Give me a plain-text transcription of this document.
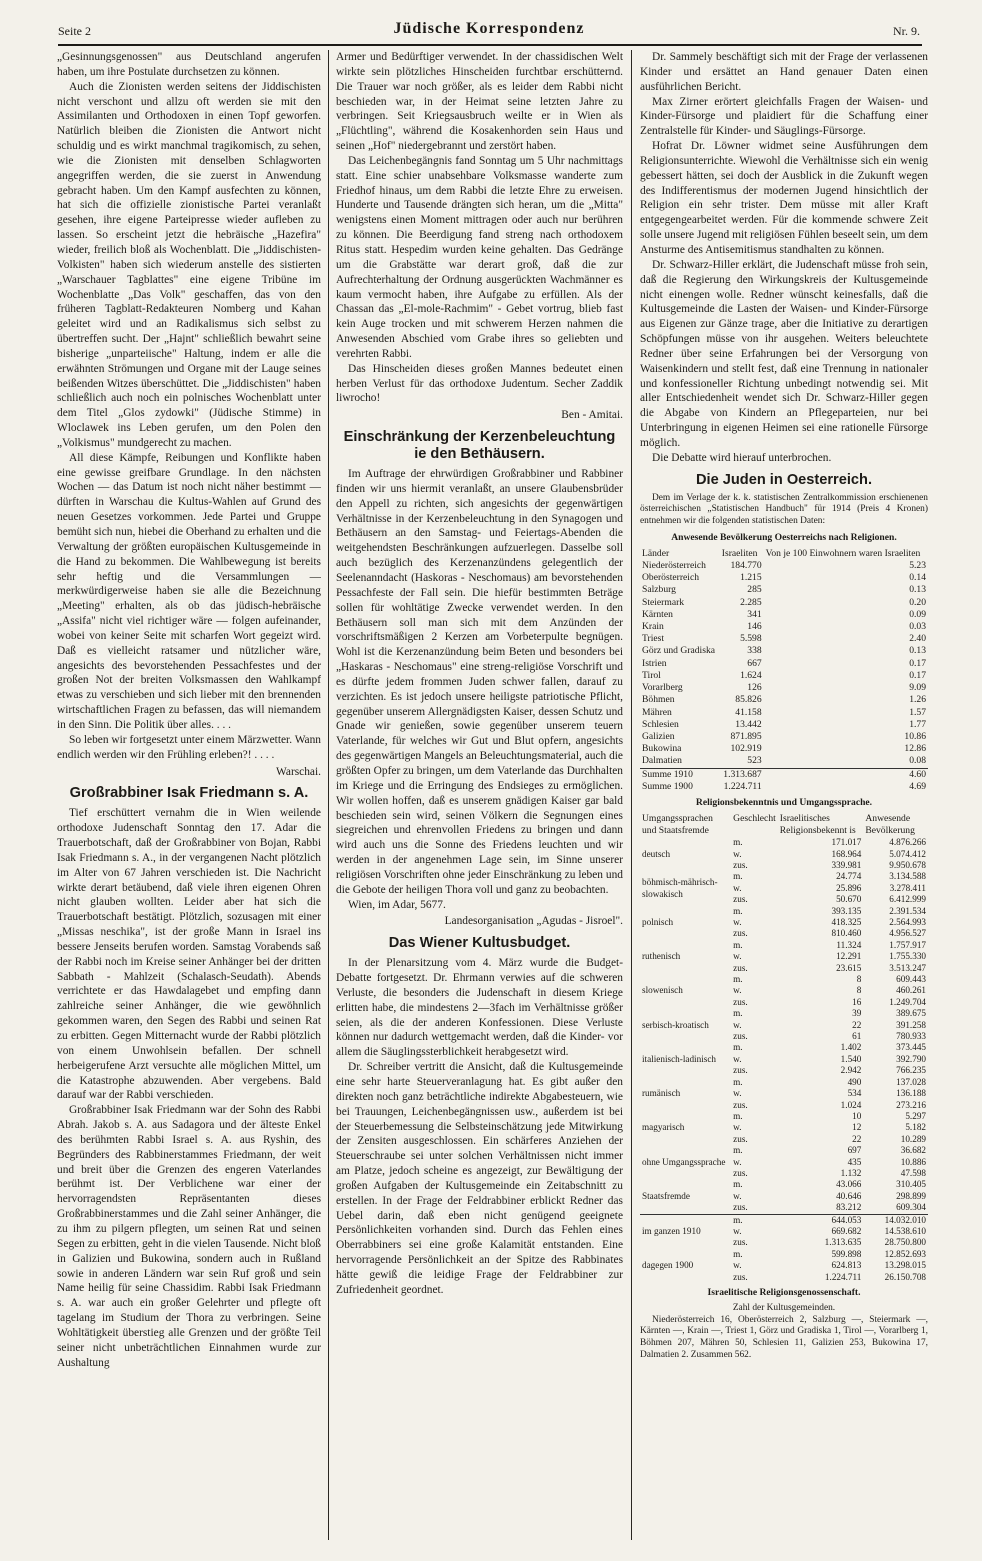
Seite 2	Jüdische Korrespondenz	Nr. 9.

„Gesinnungsgenossen" aus Deutschland angerufen haben, um ihre Postulate durchsetzen zu können.

Auch die Zionisten werden seitens der Jiddischisten nicht verschont und allzu oft werden sie mit den Assimilanten und Orthodoxen in einen Topf geworfen. Natürlich bleiben die Zionisten die Antwort nicht schuldig und es wirkt manchmal tragikomisch, zu sehen, wie die Zionisten mit denselben Schlagworten angegriffen werden, die sie zuerst in Anwendung gebracht haben. Um den Kampf ausfechten zu können, hat sich die offizielle zionistische Partei veranlaßt gesehen, ihre eigene Parteipresse wieder aufleben zu lassen. So erscheint jetzt die hebräische „Hazefira" wieder, freilich bloß als Wochenblatt. Die „Jiddischisten-Volkisten" haben sich wiederum anstelle des sistierten „Warschauer Tagblattes" eine eigene Tribüne im Wochenblatte „Das Volk" geschaffen, das von den früheren Tagblatt-Redakteuren Nomberg und Kahan geleitet wird und an Radikalismus sich selbst zu übertreffen sucht. Der „Hajnt" schließlich bewahrt seine bisherige „unparteiische" Haltung, indem er alle die erwähnten Strömungen und Organe mit der Lauge seines beißenden Witzes überschüttet. Die „Jiddischisten" haben schließlich auch noch ein polnisches Wochenblatt unter dem Titel „Glos zydowki" (Jüdische Stimme) in Wloclawek ins Leben gerufen, um den Polen den „Volkismus" mundgerecht zu machen.

All diese Kämpfe, Reibungen und Konflikte haben eine gewisse greifbare Grundlage. In den nächsten Wochen — das Datum ist noch nicht näher bestimmt — dürften in Warschau die Kultus-Wahlen auf Grund des neuen Gesetzes vorkommen. Jede Partei und Gruppe bemüht sich nun, hiebei die Oberhand zu erhalten und die Verwaltung der größten europäischen Kultusgemeinde in die Hand zu bekommen. Die Wahlbewegung ist bereits sehr heftig und die Versammlungen — merkwürdigerweise haben sie alle die Bezeichnung „Meeting" erhalten, als ob das jüdisch-hebräische „Assifa" nicht viel richtiger wäre — folgen aufeinander, wobei von keiner Seite mit scharfen Wort gegeizt wird. Daß es vielleicht ratsamer und nützlicher wäre, angesichts des bevorstehenden Pessachfestes und der großen Not der breiten Volksmassen den Wahlkampf etwas zu verschieben und sich lieber mit den brennenden wirtschaftlichen Fragen zu befassen, das will niemandem in den Sinn. Die Politik über alles. . . .

So leben wir fortgesetzt unter einem Märzwetter. Wann endlich werden wir den Frühling erleben?! . . . .

Warschai.

Großrabbiner Isak Friedmann s. A.

Tief erschüttert vernahm die in Wien weilende orthodoxe Judenschaft Sonntag den 17. Adar die Trauerbotschaft, daß der Großrabbiner von Bojan, Rabbi Isak Friedmann s. A., in der vergangenen Nacht plötzlich im Alter von 67 Jahren verschieden ist. Die Nachricht wirkte derart betäubend, daß viele ihren eigenen Ohren nicht glauben wollten. Leider aber hat sich die Trauerbotschaft bestätigt. Plötzlich, sozusagen mit einer „Missas neschika", ist der große Mann in Israel ins bessere Jenseits berufen worden. Samstag Vorabends saß der Rabbi noch im Kreise seiner Anhänger bei der dritten Sabbath - Mahlzeit (Schalasch-Seudath). Abends verrichtete er das Hawdalagebet und empfing dann zahlreiche seiner Anhänger, die wie gewöhnlich gekommen waren, den Segen des Rabbi und seinen Rat zu erbitten. Gegen Mitternacht wurde der Rabbi plötzlich von einem Unwohlsein befallen. Der schnell herbeigerufene Arzt versuchte alle möglichen Mittel, um die Katastrophe abzuwenden. Aber vergebens. Bald darauf war der Rabbi verschieden.

Großrabbiner Isak Friedmann war der Sohn des Rabbi Abrah. Jakob s. A. aus Sadagora und der älteste Enkel des berühmten Rabbi Israel s. A. aus Ryshin, des Begründers des Rabbinerstammes Friedmann, der weit und breit über die Grenzen des engeren Vaterlandes berühmt ist. Der Verblichene war einer der hervorragendsten Repräsentanten dieses Großrabbinerstammes und die Zahl seiner Anhänger, die zu ihm zu pilgern pflegten, um seinen Rat und seinen Segen zu erbitten, geht in die vielen Tausende. Nicht bloß in Galizien und Bukowina, sondern auch in Rußland sowie in anderen Ländern war sein Ruf groß und sein Name heilig für seine Chassidim. Rabbi Isak Friedmann s. A. war auch ein großer Gelehrter und pflegte oft tagelang im Studium der Thora zu verbringen. Seine Wohltätigkeit überstieg alle Grenzen und der größte Teil seiner nicht unbeträchtlichen Einnahmen wurde zur Aushaltung

Armer und Bedürftiger verwendet. In der chassidischen Welt wirkte sein plötzliches Hinscheiden furchtbar erschütternd. Die Trauer war noch größer, als es leider dem Rabbi nicht beschieden war, in der Heimat seine letzten Jahre zu verbringen. Seit Kriegsausbruch weilte er in Wien als „Flüchtling", während die Kosakenhorden sein Haus und seinen „Hof" niedergebrannt und zerstört haben.

Das Leichenbegängnis fand Sonntag um 5 Uhr nachmittags statt. Eine schier unabsehbare Volksmasse wanderte zum Friedhof hinaus, um dem Rabbi die letzte Ehre zu erweisen. Hunderte und Tausende drängten sich heran, um die „Mitta" wenigstens einen Moment mittragen oder auch nur berühren zu können. Die Beerdigung fand streng nach orthodoxem Ritus statt. Hespedim wurden keine gehalten. Das Gedränge um die Grabstätte war derart groß, daß die zur Aufrechterhaltung der Ordnung ausgerückten Wachmänner es kaum vermocht haben, ihre Aufgabe zu erfüllen. Als der Chassan das „El-mole-Rachmim" - Gebet vortrug, blieb fast kein Auge trocken und mit schwerem Herzen nahmen die Anwesenden Abschied vom Grabe ihres so geliebten und verehrten Rabbi.

Das Hinscheiden dieses großen Mannes bedeutet einen herben Verlust für das orthodoxe Judentum. Secher Zaddik liwrocho!

Ben - Amitai.

Einschränkung der Kerzenbeleuchtung ie den Bethäusern.

Im Auftrage der ehrwürdigen Großrabbiner und Rabbiner finden wir uns hiermit veranlaßt, an unsere Glaubensbrüder den Appell zu richten, sich angesichts der gegenwärtigen Verhältnisse in der Kerzenbeleuchtung in den Synagogen und Bethäusern an den Samstag- und Feiertags-Abenden die weitgehendsten Beschränkungen aufzuerlegen. Dasselbe soll auch bezüglich des Kerzenanzündens gelegentlich der Seelenanndacht (Haskoras - Neschomaus) am bevorstehenden Pessachfeste der Fall sein. Die hiefür bestimmten Beträge sollen für wohltätige Zwecke verwendet werden. In den Bethäusern soll man sich mit dem Anzünden der vorschriftsmäßigen 2 Kerzen am Vorbeterpulte begnügen. Wohl ist die Kerzenanzündung beim Beten und besonders bei „Haskaras - Neschomaus" eine streng-religiöse Vorschrift und es dürfte jedem frommen Juden schwer fallen, darauf zu verzichten. Es ist jedoch unsere heiligste patriotische Pflicht, gegenüber unserem Allergnädigsten Kaiser, dessen Schutz und Gnade wir genießen, sowie gegenüber unserem teuern Vaterlande, für welches wir Gut und Blut opfern, angesichts des gegenwärtigen Mangels an Beleuchtungsmaterial, auch die größten Opfer zu bringen, um dem Vaterlande das Durchhalten im Kriege und die Erringung des Endsieges zu ermöglichen. Wir wollen hoffen, daß es unserem gnädigen Kaiser gar bald beschieden sein wird, seinen Völkern die Segnungen eines siegreichen und ehrenvollen Friedens zu bringen und dann wird auch uns die Sonne des Friedens leuchten und wir werden in der angenehmen Lage sein, im Sinne unserer religiösen Vorschriften ohne jeder Einschränkung zu leben und die Gebote der heiligen Thora voll und ganz zu beobachten.

Wien, im Adar, 5677.

Landesorganisation „Agudas - Jisroel".

Das Wiener Kultusbudget.

In der Plenarsitzung vom 4. März wurde die Budget-Debatte fortgesetzt. Dr. Ehrmann verwies auf die schweren Verluste, die besonders die Judenschaft in diesem Kriege erlitten habe, die mindestens 2—3fach im Verhältnisse größer seien, als die der anderen Konfessionen. Diese Verluste können nur dadurch wettgemacht werden, daß die Kinder- vor allem die Säuglingssterblichkeit herabgesetzt wird.

Dr. Schreiber vertritt die Ansicht, daß die Kultusgemeinde eine sehr harte Steuerveranlagung hat. Es gibt außer den direkten noch ganz beträchtliche indirekte Abgabesteuern, wie bei Trauungen, Leichenbegängnissen usw., außerdem ist bei der Steuerbemessung die Selbsteinschätzung jede Mitwirkung der Zensiten ausgeschlossen. Ein schärferes Anziehen der Steuerschraube sei unter solchen Verhältnissen nicht immer am Platze, jedoch scheine es angezeigt, zur Bewältigung der großen Aufgaben der Kultusgemeinde ein Zeitabschnitt zu erstellen. In der Frage der Feldrabbiner erblickt Redner das Uebel darin, daß eben nicht genügend geeignete Persönlichkeiten vorhanden sind. Durch das Fehlen eines Oberrabbiners sei eine große Kalamität entstanden. Eine hervorragende Persönlichkeit an der Spitze des Rabbinates hätte gewiß die leidige Frage der Feldrabbiner zur Zufriedenheit geordnet.

Dr. Sammely beschäftigt sich mit der Frage der verlassenen Kinder und ersättet an Hand genauer Daten einen ausführlichen Bericht.

Max Zirner erörtert gleichfalls Fragen der Waisen- und Kinder-Fürsorge und plaidiert für die Schaffung einer Zentralstelle für Kinder- und Säuglings-Fürsorge.

Hofrat Dr. Löwner widmet seine Ausführungen dem Religionsunterrichte. Wiewohl die Verhältnisse sich ein wenig gebessert hätten, sei doch der Ausblick in die Zukunft wegen des Indifferentismus der modernen Jugend hinsichtlich der Religion ein sehr trister. Dem müsse mit aller Kraft entgegengearbeitet werden. Für die kommende schwere Zeit solle unsere Jugend mit religiösen Fühlen beseelt sein, um dem Ansturme des Antisemitismus standhalten zu können.

Dr. Schwarz-Hiller erklärt, die Judenschaft müsse froh sein, daß die Regierung den Wirkungskreis der Kultusgemeinde nicht einengen wolle. Redner wünscht keinesfalls, daß die Kultusgemeinde die Lasten der Waisen- und Kinder-Fürsorge aus Eigenen zur Gänze trage, aber die Initiative zu derartigen Schöpfungen müsse von ihr ausgehen. Weiters beleuchtete Redner über seine Erfahrungen bei der Versorgung von Waisenkindern und stellt fest, daß eine Trennung in nationaler und konfessioneller Richtung unbedingt notwendig sei. Mit aller Entschiedenheit wendet sich Dr. Schwarz-Hiller gegen die Abgabe von Kindern an Pflegeparteien, nur bei Unterbringung in eigenen Heimen sei eine rationelle Fürsorge möglich.

Die Debatte wird hierauf unterbrochen.

Die Juden in Oesterreich.

Dem im Verlage der k. k. statistischen Zentralkommission erschienenen österreichischen „Statistischen Handbuch" für 1914 (Preis 4 Kronen) entnehmen wir die folgenden statistischen Daten:

Anwesende Bevölkerung Oesterreichs nach Religionen.

Länder	Israeliten	Von je 100 Einwohnern waren Israeliten
Niederösterreich	184.770	5.23
Oberösterreich	1.215	0.14
Salzburg	285	0.13
Steiermark	2.285	0.20
Kärnten	341	0.09
Krain	146	0.03
Triest	5.598	2.40
Görz und Gradiska	338	0.13
Istrien	667	0.17
Tirol	1.624	0.17
Vorarlberg	126	9.09
Böhmen	85.826	1.26
Mähren	41.158	1.57
Schlesien	13.442	1.77
Galizien	871.895	10.86
Bukowina	102.919	12.86
Dalmatien	523	0.08
Summe 1910	1.313.687	4.60
Summe 1900	1.224.711	4.69

Religionsbekenntnis und Umgangssprache.

Umgangssprachen und Staatsfremde	Geschlecht	Israelitisches Religionsbekennt is	Anwesende Bevölkerung
deutsch	m.	171.017	4.876.266
	w.	168.964	5.074.412
	zus.	339.981	9.950.678
böhmisch-mährisch-slowakisch	m.	24.774	3.134.588
	w.	25.896	3.278.411
	zus.	50.670	6.412.999
polnisch	m.	393.135	2.391.534
	w.	418.325	2.564.993
	zus.	810.460	4.956.527
ruthenisch	m.	11.324	1.757.917
	w.	12.291	1.755.330
	zus.	23.615	3.513.247
slowenisch	m.	8	609.443
	w.	8	460.261
	zus.	16	1.249.704
serbisch-kroatisch	m.	39	389.675
	w.	22	391.258
	zus.	61	780.933
italienisch-ladinisch	m.	1.402	373.445
	w.	1.540	392.790
	zus.	2.942	766.235
rumänisch	m.	490	137.028
	w.	534	136.188
	zus.	1.024	273.216
magyarisch	m.	10	5.297
	w.	12	5.182
	zus.	22	10.289
ohne Umgangssprache	m.	697	36.682
	w.	435	10.886
	zus.	1.132	47.598
Staatsfremde	m.	43.066	310.405
	w.	40.646	298.899
	zus.	83.212	609.304
im ganzen 1910	m.	644.053	14.032.010
	w.	669.682	14.538.610
	zus.	1.313.635	28.750.800
dagegen 1900	m.	599.898	12.852.693
	w.	624.813	13.298.015
	zus.	1.224.711	26.150.708

Israelitische Religionsgenossenschaft.

Zahl der Kultusgemeinden.

Niederösterreich 16, Oberösterreich 2, Salzburg —, Steiermark —, Kärnten —, Krain —, Triest 1, Görz und Gradiska 1, Tirol —, Vorarlberg 1, Böhmen 207, Mähren 50, Schlesien 11, Galizien 253, Bukowina 17, Dalmatien 2. Zusammen 562.
